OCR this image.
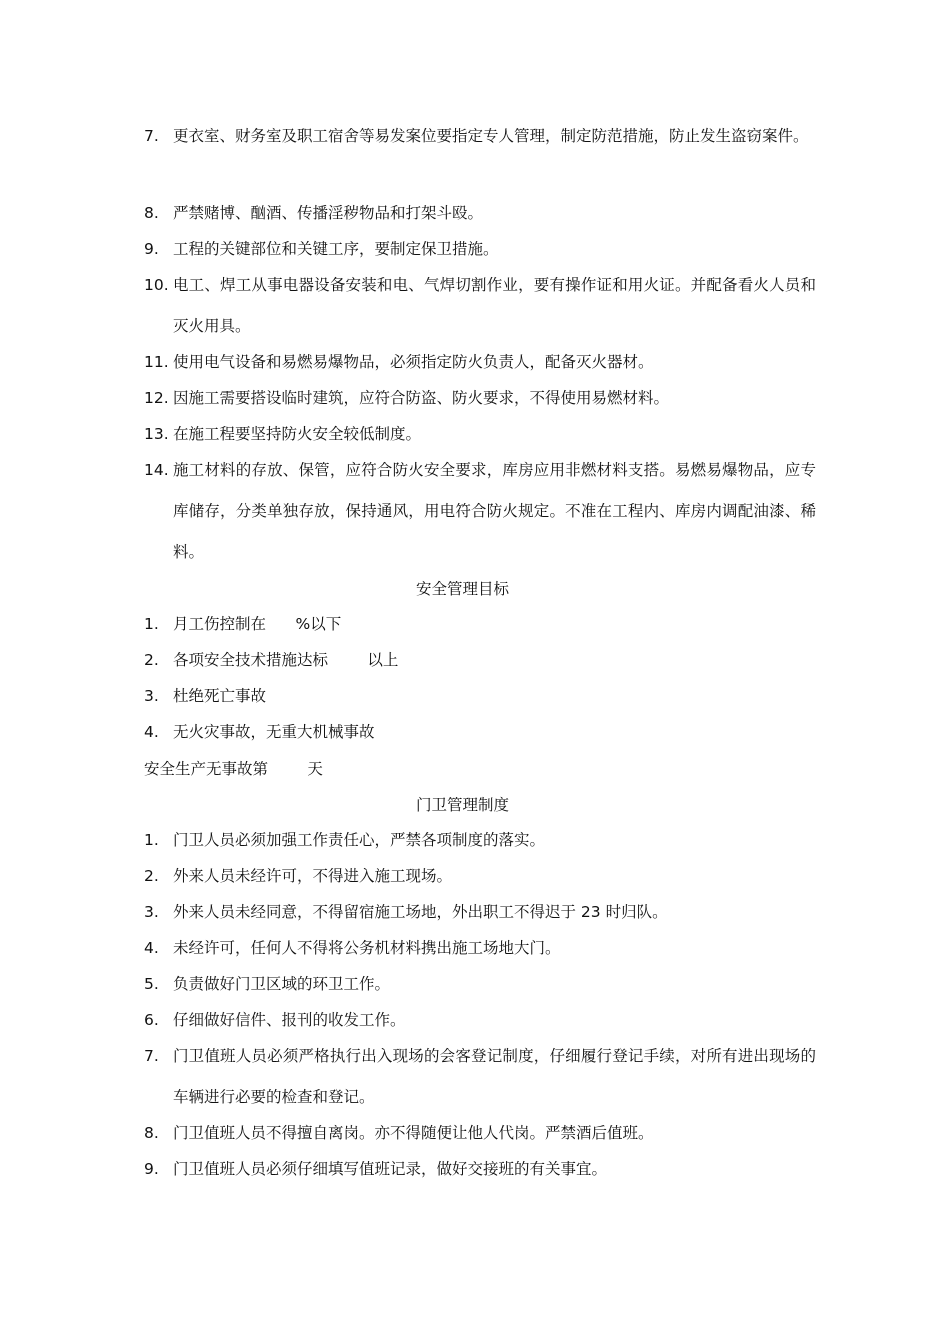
7. 更衣室、财务室及职工宿舍等易发案位要指定专人管理，制定防范措施，防止发生盗窃案件。

8. 严禁赌博、酗酒、传播淫秽物品和打架斗殴。

9. 工程的关键部位和关键工序，要制定保卫措施。

10. 电工、焊工从事电器设备安装和电、气焊切割作业，要有操作证和用火证。并配备看火人员和灭火用具。

11. 使用电气设备和易燃易爆物品，必须指定防火负责人，配备灭火器材。

12. 因施工需要搭设临时建筑，应符合防盗、防火要求，不得使用易燃材料。

13. 在施工程要坚持防火安全较低制度。

14. 施工材料的存放、保管，应符合防火安全要求，库房应用非燃材料支搭。易燃易爆物品，应专库储存，分类单独存放，保持通风，用电符合防火规定。不准在工程内、库房内调配油漆、稀料。

安全管理目标

1. 月工伤控制在      %以下

2. 各项安全技术措施达标        以上

3. 杜绝死亡事故

4. 无火灾事故，无重大机械事故

安全生产无事故第        天

门卫管理制度

1. 门卫人员必须加强工作责任心，严禁各项制度的落实。

2. 外来人员未经许可，不得进入施工现场。

3. 外来人员未经同意，不得留宿施工场地，外出职工不得迟于 23 时归队。

4. 未经许可，任何人不得将公务机材料携出施工场地大门。

5. 负责做好门卫区域的环卫工作。

6. 仔细做好信件、报刊的收发工作。

7. 门卫值班人员必须严格执行出入现场的会客登记制度，仔细履行登记手续，对所有进出现场的车辆进行必要的检查和登记。

8. 门卫值班人员不得擅自离岗。亦不得随便让他人代岗。严禁酒后值班。

9. 门卫值班人员必须仔细填写值班记录，做好交接班的有关事宜。
